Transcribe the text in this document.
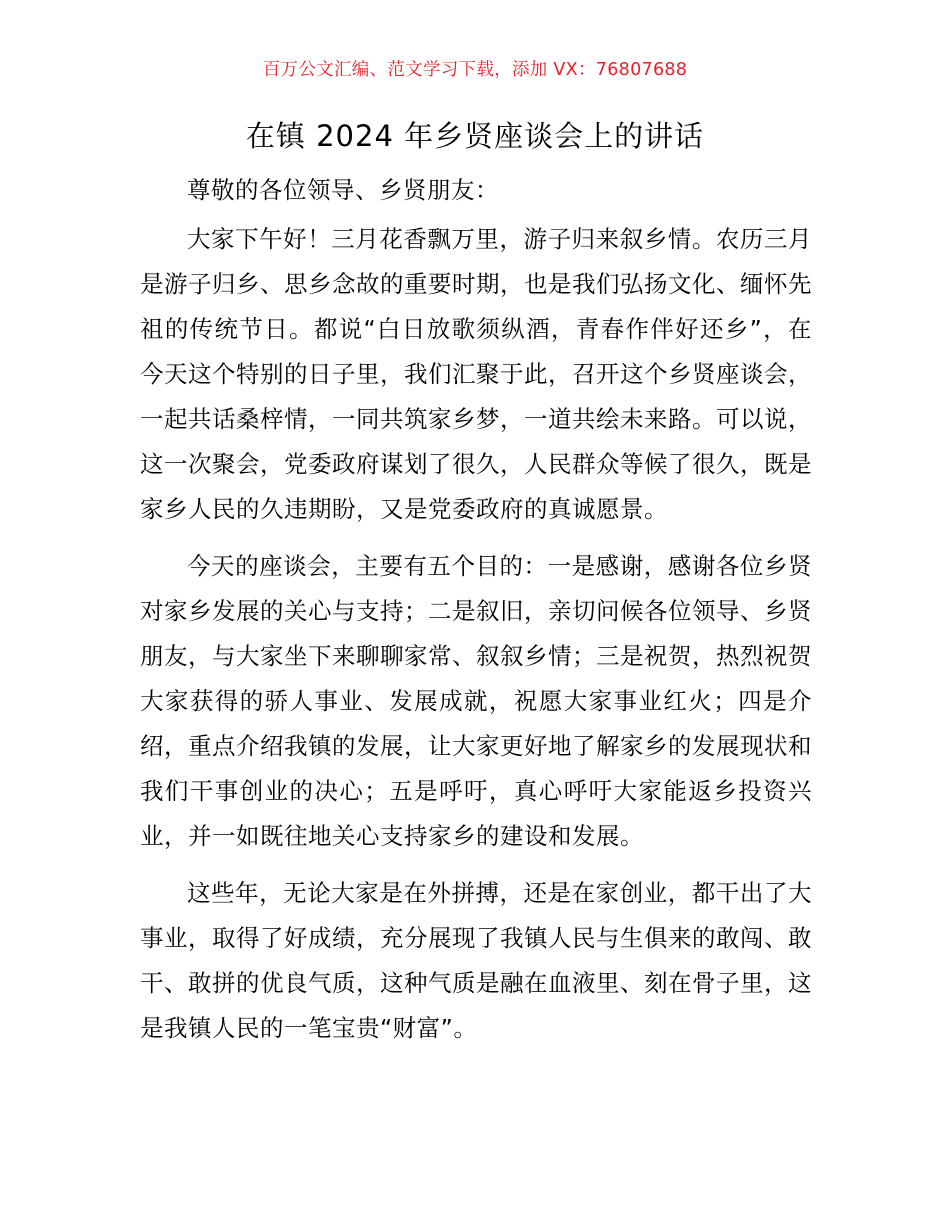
百万公文汇编、范文学习下载，添加 VX：76807688
在镇 2024 年乡贤座谈会上的讲话

尊敬的各位领导、乡贤朋友：

大家下午好！三月花香飘万里，游子归来叙乡情。农历三月是游子归乡、思乡念故的重要时期，也是我们弘扬文化、缅怀先祖的传统节日。都说“白日放歌须纵酒，青春作伴好还乡”，在今天这个特别的日子里，我们汇聚于此，召开这个乡贤座谈会，一起共话桑梓情，一同共筑家乡梦，一道共绘未来路。可以说，这一次聚会，党委政府谋划了很久，人民群众等候了很久，既是家乡人民的久违期盼，又是党委政府的真诚愿景。

今天的座谈会，主要有五个目的：一是感谢，感谢各位乡贤对家乡发展的关心与支持；二是叙旧，亲切问候各位领导、乡贤朋友，与大家坐下来聊聊家常、叙叙乡情；三是祝贺，热烈祝贺大家获得的骄人事业、发展成就，祝愿大家事业红火；四是介绍，重点介绍我镇的发展，让大家更好地了解家乡的发展现状和我们干事创业的决心；五是呼吁，真心呼吁大家能返乡投资兴业，并一如既往地关心支持家乡的建设和发展。

这些年，无论大家是在外拼搏，还是在家创业，都干出了大事业，取得了好成绩，充分展现了我镇人民与生俱来的敢闯、敢干、敢拼的优良气质，这种气质是融在血液里、刻在骨子里，这是我镇人民的一笔宝贵“财富”。
